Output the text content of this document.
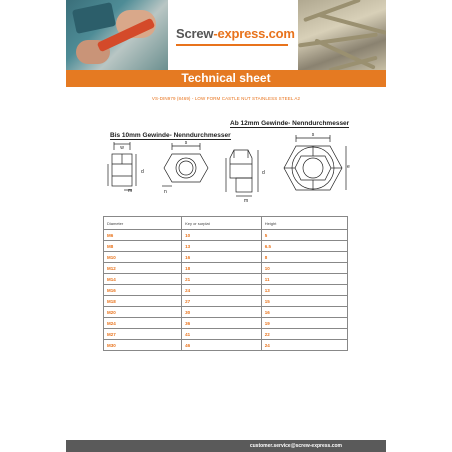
Screw-express.com
Technical sheet
VS-DIN979 (8469) - LOW FORM CASTLE NUT STAINLESS STEEL A2
Ab 12mm Gewinde- Nenndurchmesser
Bis 10mm Gewinde- Nenndurchmesser
w
d
m
s
n
d
m
s
e
Diameter	Key or surplat	Height
M6	10	5
M8	13	6.5
M10	16	8
M12	18	10
M14	21	11
M16	24	13
M18	27	15
M20	30	16
M24	36	19
M27	41	22
M30	46	24
customer.service@screw-express.com
